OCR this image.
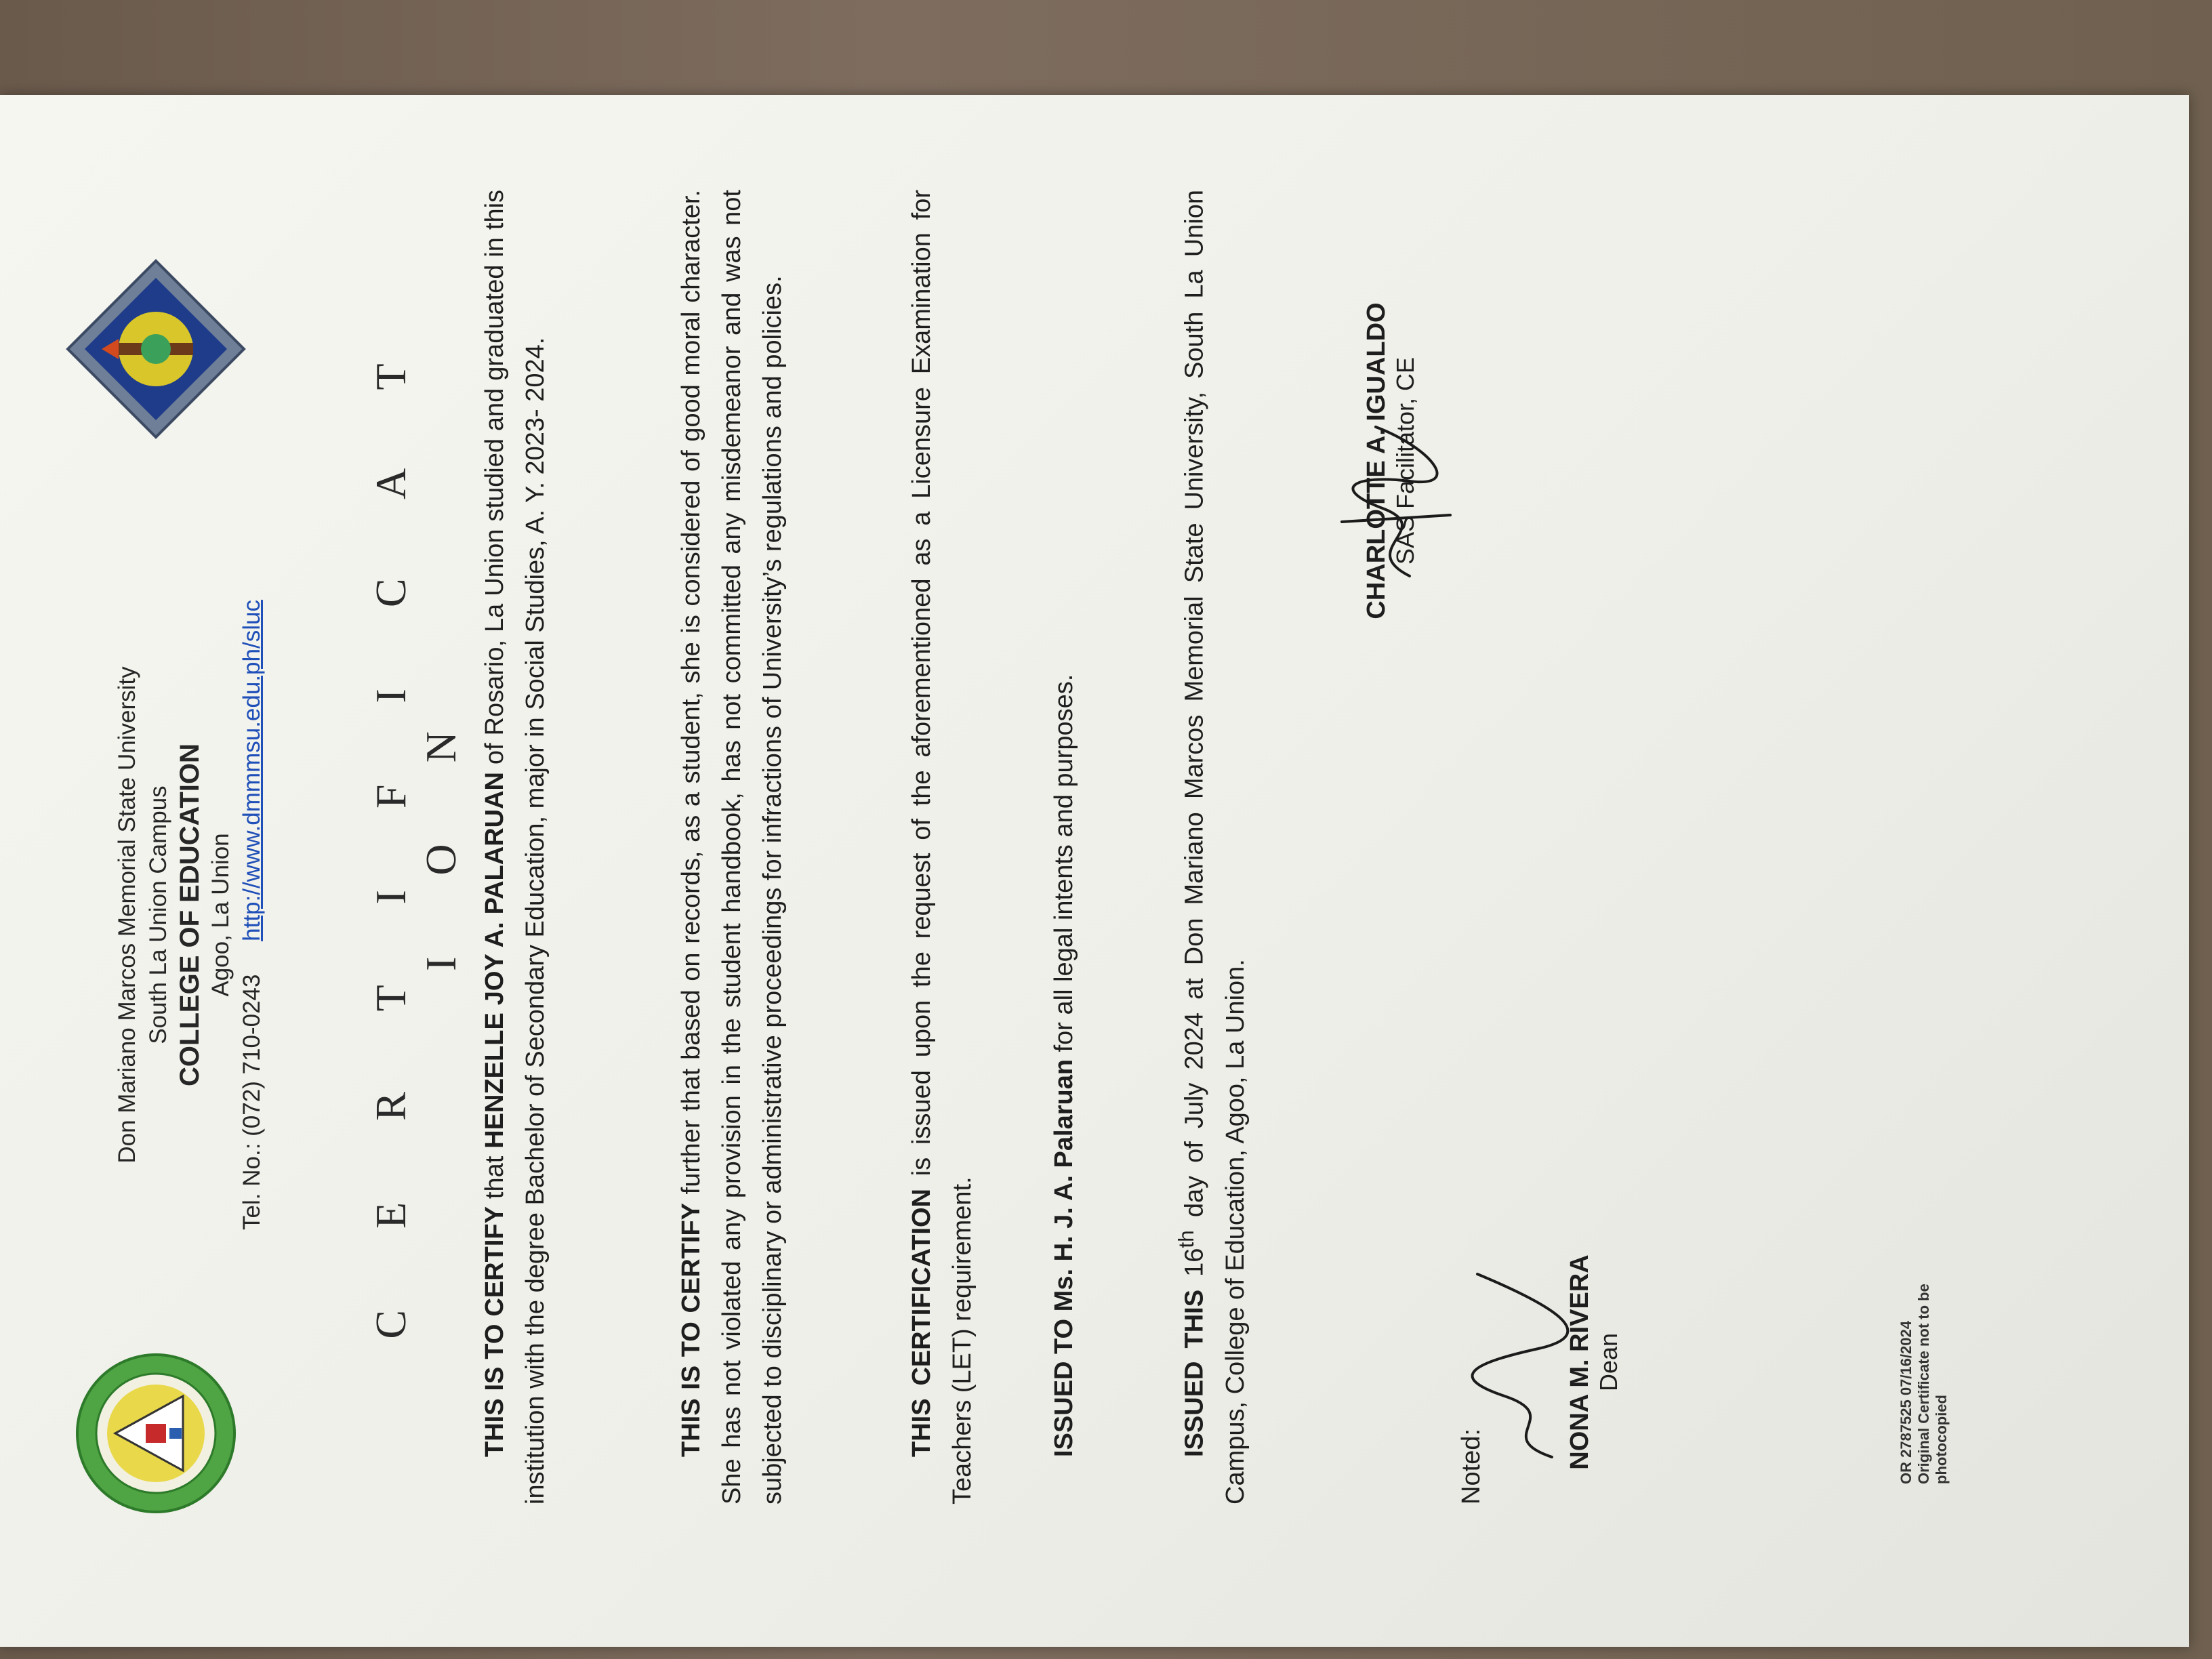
Don Mariano Marcos Memorial State University South La Union Campus COLLEGE OF EDUCATION Agoo, La Union
Tel. No.: (072) 710-0243     http://www.dmmmsu.edu.ph/sluc C E R T I F I C A T I O N
THIS IS TO CERTIFY that HENZELLE JOY A. PALARUAN of Rosario, La Union studied and graduated in this institution with the degree Bachelor of Secondary Education, major in Social Studies, A. Y. 2023- 2024.	THIS IS TO CERTIFY further that based on records, as a student, she is considered of good moral character. She has not violated any provision in the student handbook, has not committed any misdemeanor and was not subjected to disciplinary or administrative proceedings for infractions of University’s regulations and policies.	THIS CERTIFICATION is issued upon the request of the aforementioned as a Licensure Examination for Teachers (LET) requirement.	ISSUED TO Ms. H. J. A. Palaruan for all legal intents and purposes.
ISSUED THIS 16th day of July 2024 at Don Mariano Marcos Memorial State University, South La Union Campus, College of Education, Agoo, La Union.
CHARLOTTE A. IGUALDO SAS Facilitator, CE
Noted:	NONA M. RIVERA Dean	OR 2787525 07/16/2024 Original Certificate not to be photocopied
